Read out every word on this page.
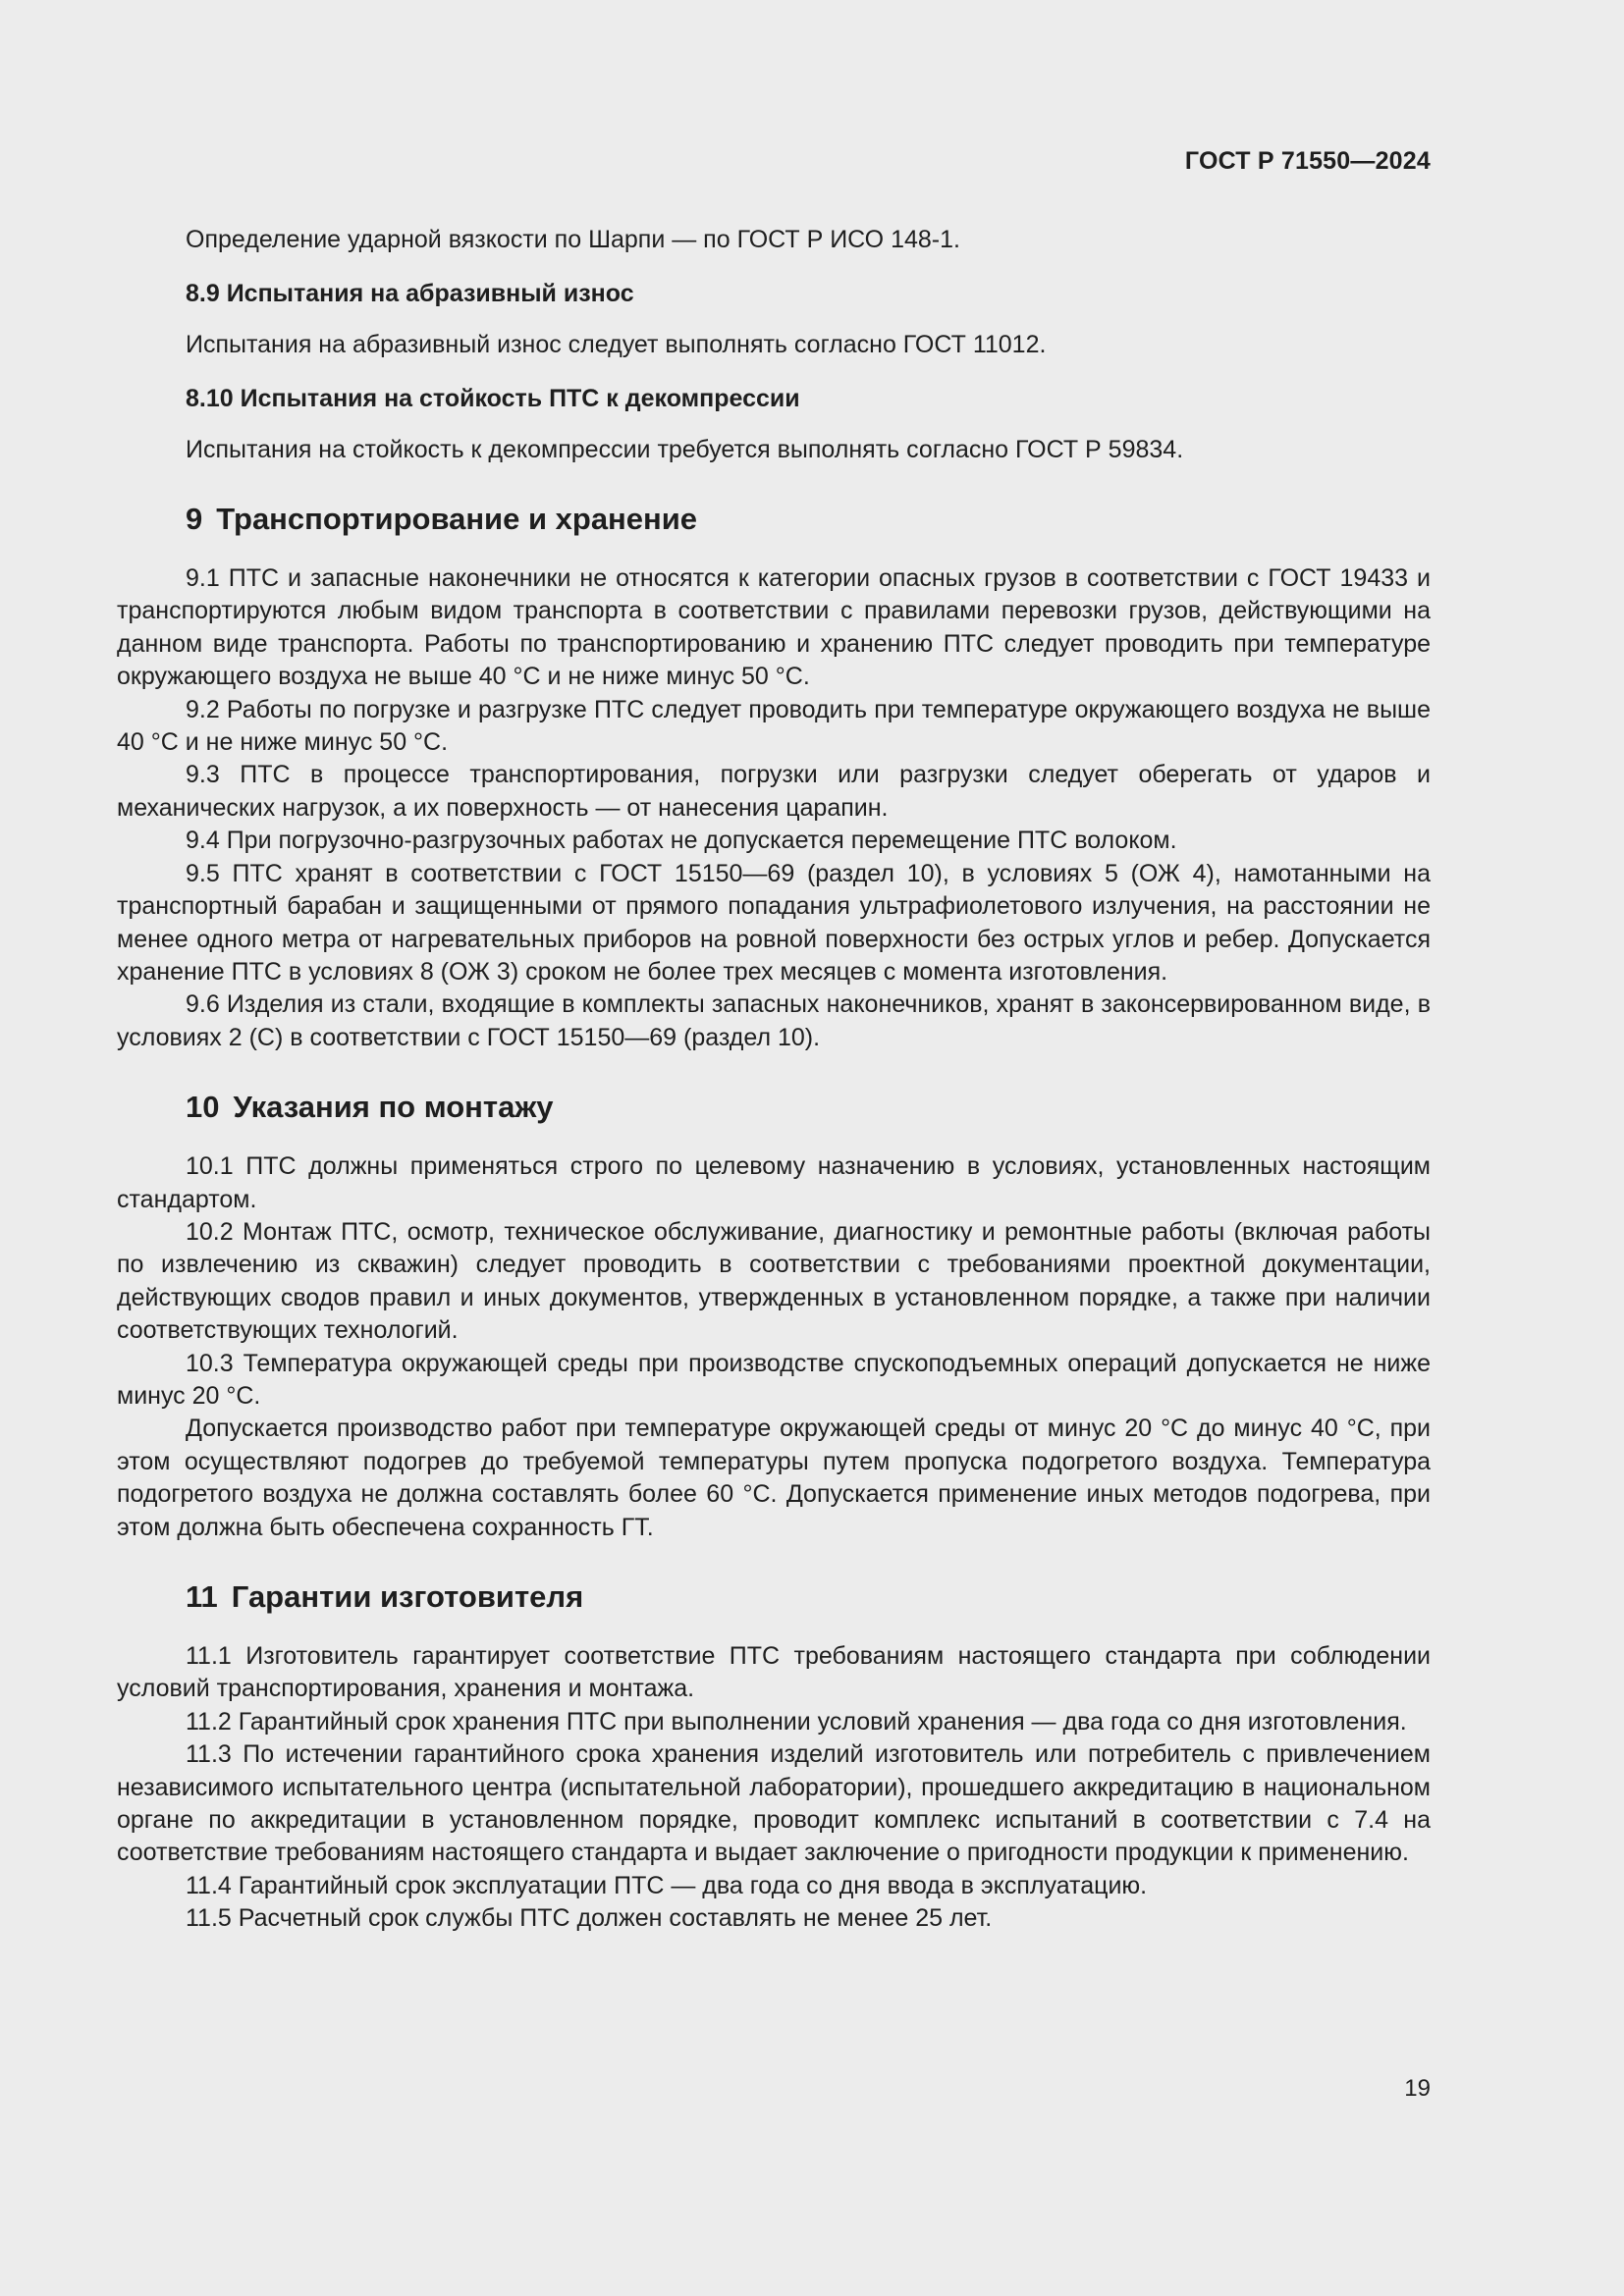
ГОСТ Р 71550—2024

Определение ударной вязкости по Шарпи — по ГОСТ Р ИСО 148-1.

8.9 Испытания на абразивный износ

Испытания на абразивный износ следует выполнять согласно ГОСТ 11012.

8.10 Испытания на стойкость ПТС к декомпрессии

Испытания на стойкость к декомпрессии требуется выполнять согласно ГОСТ Р 59834.

9 Транспортирование и хранение

9.1 ПТС и запасные наконечники не относятся к категории опасных грузов в соответствии с ГОСТ 19433 и транспортируются любым видом транспорта в соответствии с правилами перевозки грузов, действующими на данном виде транспорта. Работы по транспортированию и хранению ПТС следует проводить при температуре окружающего воздуха не выше 40 °С и не ниже минус 50 °С.

9.2 Работы по погрузке и разгрузке ПТС следует проводить при температуре окружающего воздуха не выше 40 °С и не ниже минус 50 °С.

9.3 ПТС в процессе транспортирования, погрузки или разгрузки следует оберегать от ударов и механических нагрузок, а их поверхность — от нанесения царапин.

9.4 При погрузочно-разгрузочных работах не допускается перемещение ПТС волоком.

9.5 ПТС хранят в соответствии с ГОСТ 15150—69 (раздел 10), в условиях 5 (ОЖ 4), намотанными на транспортный барабан и защищенными от прямого попадания ультрафиолетового излучения, на расстоянии не менее одного метра от нагревательных приборов на ровной поверхности без острых углов и ребер. Допускается хранение ПТС в условиях 8 (ОЖ 3) сроком не более трех месяцев с момента изготовления.

9.6 Изделия из стали, входящие в комплекты запасных наконечников, хранят в законсервированном виде, в условиях 2 (С) в соответствии с ГОСТ 15150—69 (раздел 10).

10 Указания по монтажу

10.1 ПТС должны применяться строго по целевому назначению в условиях, установленных настоящим стандартом.

10.2 Монтаж ПТС, осмотр, техническое обслуживание, диагностику и ремонтные работы (включая работы по извлечению из скважин) следует проводить в соответствии с требованиями проектной документации, действующих сводов правил и иных документов, утвержденных в установленном порядке, а также при наличии соответствующих технологий.

10.3 Температура окружающей среды при производстве спускоподъемных операций допускается не ниже минус 20 °С.

Допускается производство работ при температуре окружающей среды от минус 20 °С до минус 40 °С, при этом осуществляют подогрев до требуемой температуры путем пропуска подогретого воздуха. Температура подогретого воздуха не должна составлять более 60 °С. Допускается применение иных методов подогрева, при этом должна быть обеспечена сохранность ГТ.

11 Гарантии изготовителя

11.1 Изготовитель гарантирует соответствие ПТС требованиям настоящего стандарта при соблюдении условий транспортирования, хранения и монтажа.

11.2 Гарантийный срок хранения ПТС при выполнении условий хранения — два года со дня изготовления.

11.3 По истечении гарантийного срока хранения изделий изготовитель или потребитель с привлечением независимого испытательного центра (испытательной лаборатории), прошедшего аккредитацию в национальном органе по аккредитации в установленном порядке, проводит комплекс испытаний в соответствии с 7.4 на соответствие требованиям настоящего стандарта и выдает заключение о пригодности продукции к применению.

11.4 Гарантийный срок эксплуатации ПТС — два года со дня ввода в эксплуатацию.

11.5 Расчетный срок службы ПТС должен составлять не менее 25 лет.

19
